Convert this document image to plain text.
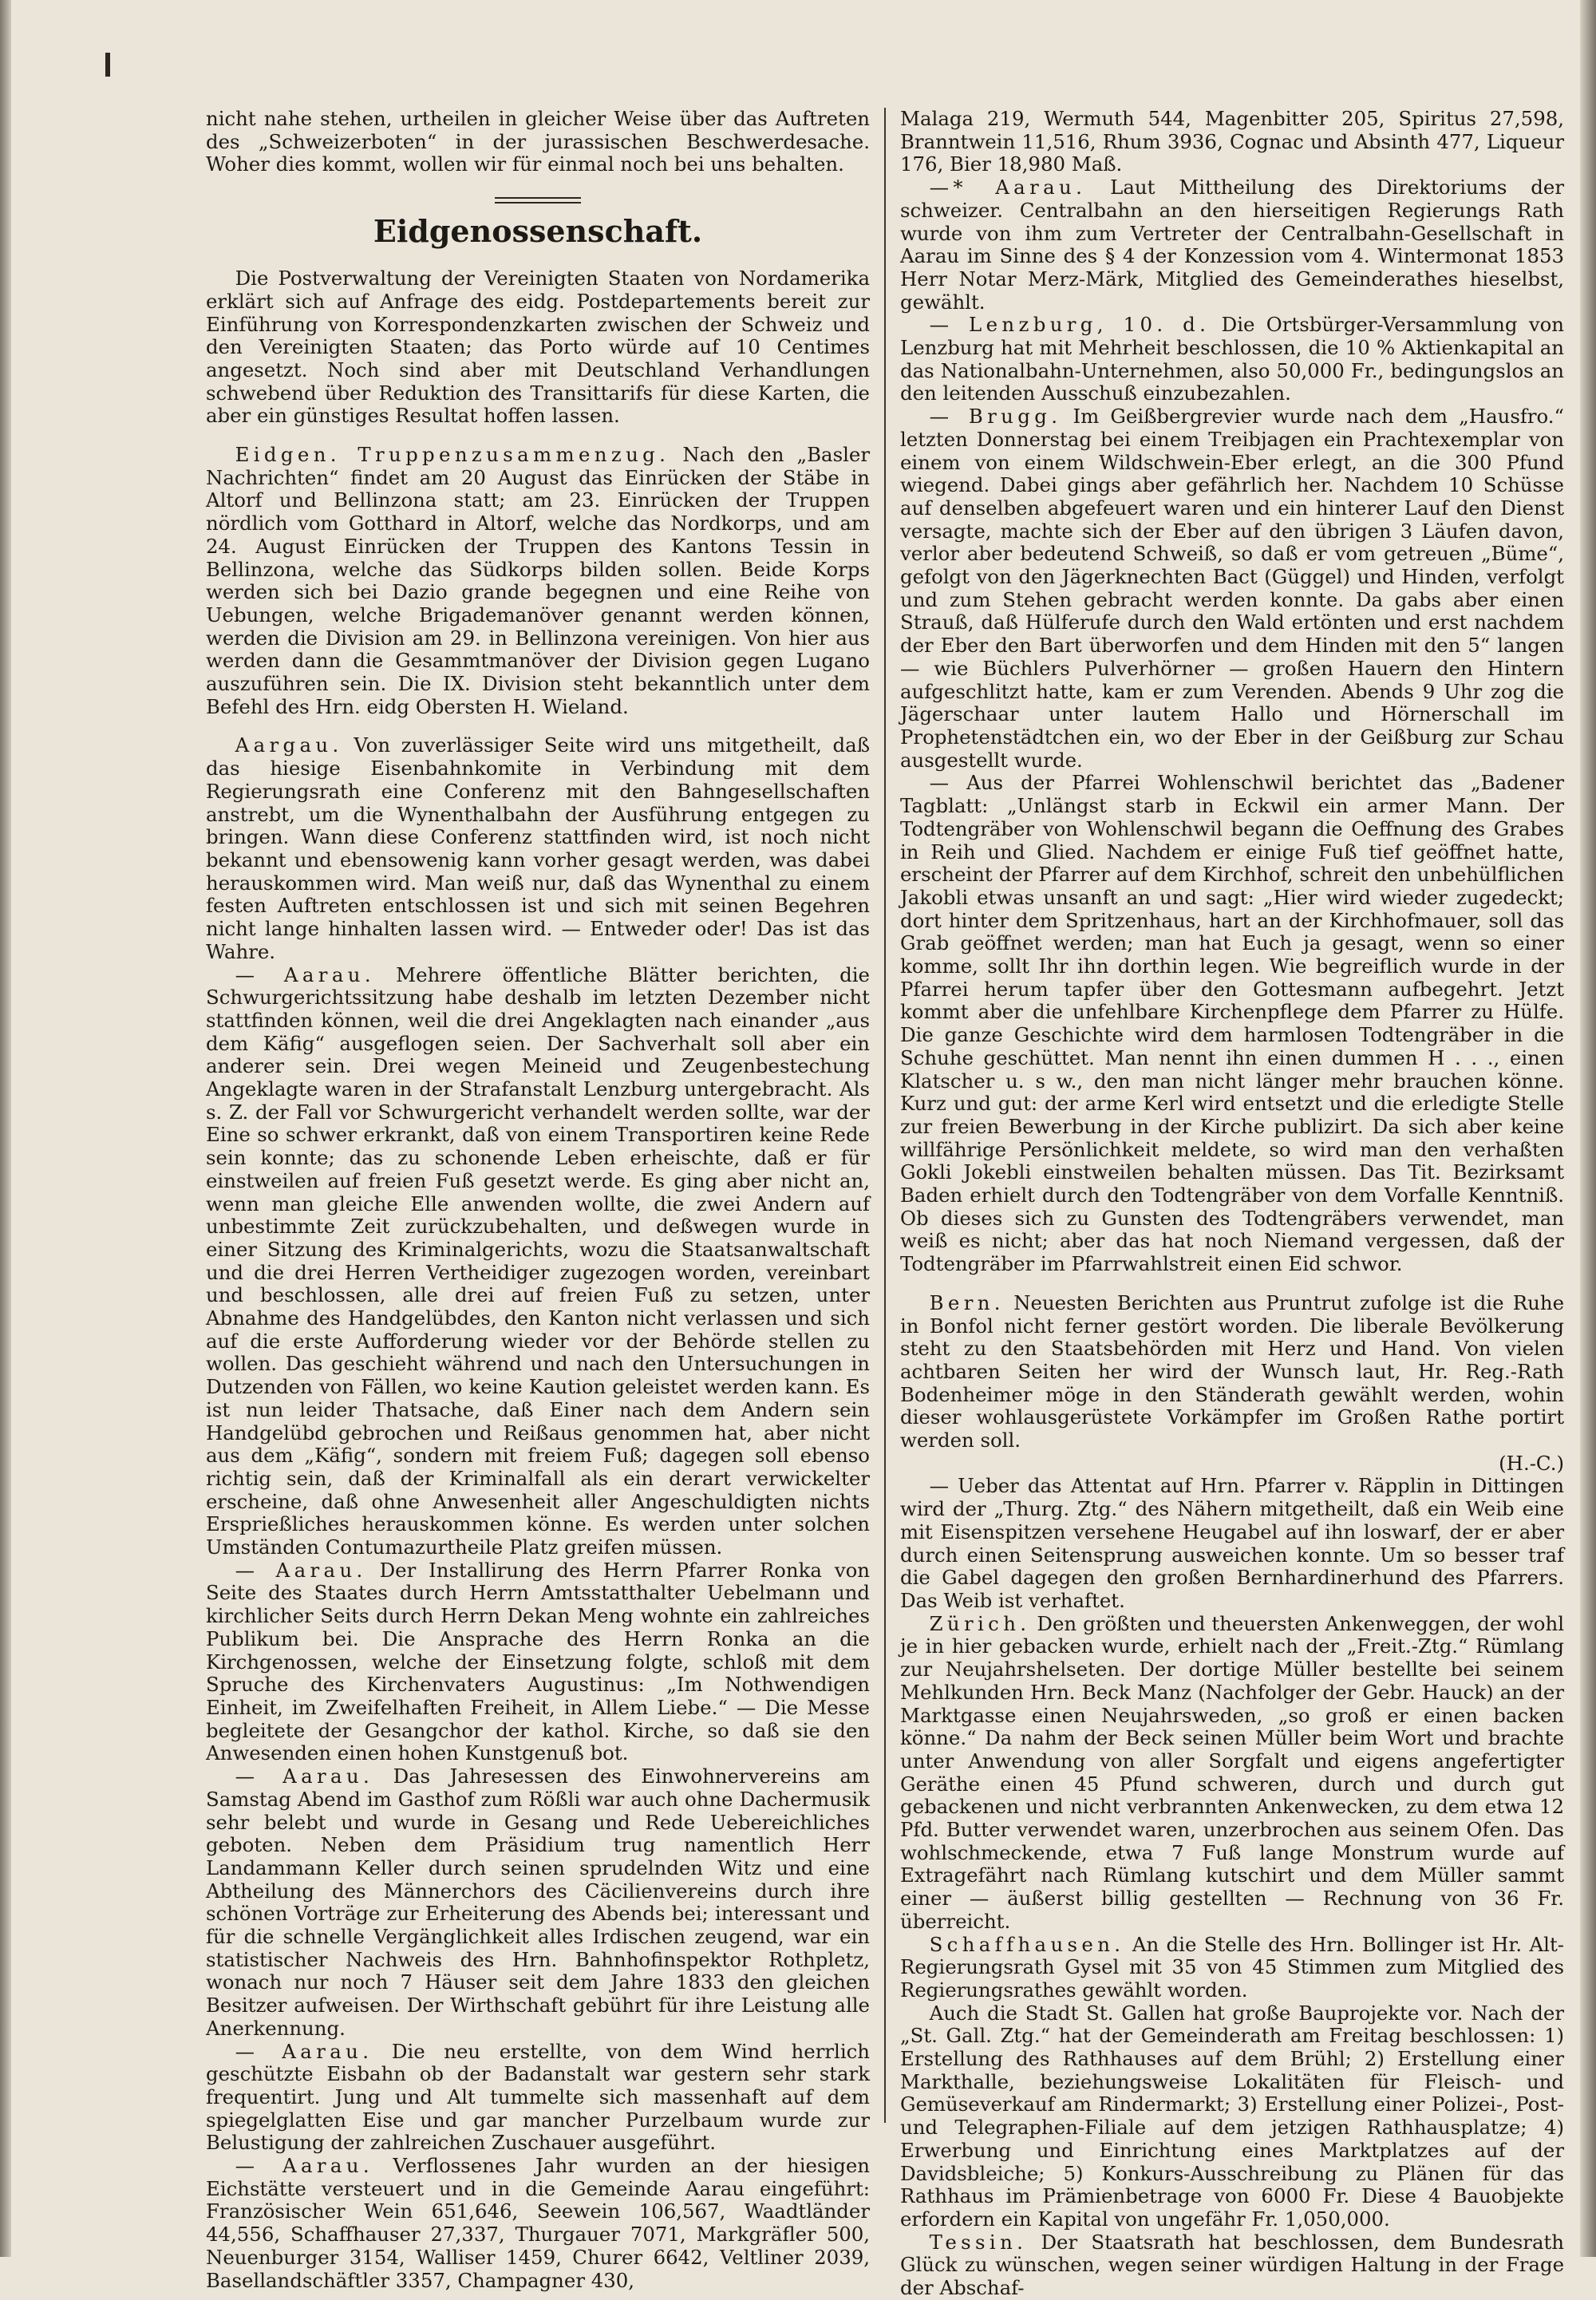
nicht nahe stehen, urtheilen in gleicher Weise über das Auftreten des „Schweizerboten“ in der jurassischen Beschwerdesache. Woher dies kommt, wollen wir für einmal noch bei uns behalten.

Eidgenossenschaft.

Die Postverwaltung der Vereinigten Staaten von Nordamerika erklärt sich auf Anfrage des eidg. Postdepartements bereit zur Einführung von Korrespondenzkarten zwischen der Schweiz und den Vereinigten Staaten; das Porto würde auf 10 Centimes angesetzt. Noch sind aber mit Deutschland Verhandlungen schwebend über Reduktion des Transittarifs für diese Karten, die aber ein günstiges Resultat hoffen lassen.

Eidgen. Truppenzusammenzug. Nach den „Basler Nachrichten“ findet am 20 August das Einrücken der Stäbe in Altorf und Bellinzona statt; am 23. Einrücken der Truppen nördlich vom Gotthard in Altorf, welche das Nordkorps, und am 24. August Einrücken der Truppen des Kantons Tessin in Bellinzona, welche das Südkorps bilden sollen. Beide Korps werden sich bei Dazio grande begegnen und eine Reihe von Uebungen, welche Brigademanöver genannt werden können, werden die Division am 29. in Bellinzona vereinigen. Von hier aus werden dann die Gesammtmanöver der Division gegen Lugano auszuführen sein. Die IX. Division steht bekanntlich unter dem Befehl des Hrn. eidg Obersten H. Wieland.

Aargau. Von zuverlässiger Seite wird uns mitgetheilt, daß das hiesige Eisenbahnkomite in Verbindung mit dem Regierungsrath eine Conferenz mit den Bahngesellschaften anstrebt, um die Wynenthalbahn der Ausführung entgegen zu bringen. Wann diese Conferenz stattfinden wird, ist noch nicht bekannt und ebensowenig kann vorher gesagt werden, was dabei herauskommen wird. Man weiß nur, daß das Wynenthal zu einem festen Auftreten entschlossen ist und sich mit seinen Begehren nicht lange hinhalten lassen wird. — Entweder oder! Das ist das Wahre.

— Aarau. Mehrere öffentliche Blätter berichten, die Schwurgerichtssitzung habe deshalb im letzten Dezember nicht stattfinden können, weil die drei Angeklagten nach einander „aus dem Käfig“ ausgeflogen seien. Der Sachverhalt soll aber ein anderer sein. Drei wegen Meineid und Zeugenbestechung Angeklagte waren in der Strafanstalt Lenzburg untergebracht. Als s. Z. der Fall vor Schwurgericht verhandelt werden sollte, war der Eine so schwer erkrankt, daß von einem Transportiren keine Rede sein konnte; das zu schonende Leben erheischte, daß er für einstweilen auf freien Fuß gesetzt werde. Es ging aber nicht an, wenn man gleiche Elle anwenden wollte, die zwei Andern auf unbestimmte Zeit zurückzubehalten, und deßwegen wurde in einer Sitzung des Kriminalgerichts, wozu die Staatsanwaltschaft und die drei Herren Vertheidiger zugezogen worden, vereinbart und beschlossen, alle drei auf freien Fuß zu setzen, unter Abnahme des Handgelübdes, den Kanton nicht verlassen und sich auf die erste Aufforderung wieder vor der Behörde stellen zu wollen. Das geschieht während und nach den Untersuchungen in Dutzenden von Fällen, wo keine Kaution geleistet werden kann. Es ist nun leider Thatsache, daß Einer nach dem Andern sein Handgelübd gebrochen und Reißaus genommen hat, aber nicht aus dem „Käfig“, sondern mit freiem Fuß; dagegen soll ebenso richtig sein, daß der Kriminalfall als ein derart verwickelter erscheine, daß ohne Anwesenheit aller Angeschuldigten nichts Ersprießliches herauskommen könne. Es werden unter solchen Umständen Contumazurtheile Platz greifen müssen.

— Aarau. Der Installirung des Herrn Pfarrer Ronka von Seite des Staates durch Herrn Amtsstatthalter Uebelmann und kirchlicher Seits durch Herrn Dekan Meng wohnte ein zahlreiches Publikum bei. Die Ansprache des Herrn Ronka an die Kirchgenossen, welche der Einsetzung folgte, schloß mit dem Spruche des Kirchenvaters Augustinus: „Im Nothwendigen Einheit, im Zweifelhaften Freiheit, in Allem Liebe.“ — Die Messe begleitete der Gesangchor der kathol. Kirche, so daß sie den Anwesenden einen hohen Kunstgenuß bot.

— Aarau. Das Jahresessen des Einwohnervereins am Samstag Abend im Gasthof zum Rößli war auch ohne Dachermusik sehr belebt und wurde in Gesang und Rede Uebereichliches geboten. Neben dem Präsidium trug namentlich Herr Landammann Keller durch seinen sprudelnden Witz und eine Abtheilung des Männerchors des Cäcilienvereins durch ihre schönen Vorträge zur Erheiterung des Abends bei; interessant und für die schnelle Vergänglichkeit alles Irdischen zeugend, war ein statistischer Nachweis des Hrn. Bahnhofinspektor Rothpletz, wonach nur noch 7 Häuser seit dem Jahre 1833 den gleichen Besitzer aufweisen. Der Wirthschaft gebührt für ihre Leistung alle Anerkennung.

— Aarau. Die neu erstellte, von dem Wind herrlich geschützte Eisbahn ob der Badanstalt war gestern sehr stark frequentirt. Jung und Alt tummelte sich massenhaft auf dem spiegelglatten Eise und gar mancher Purzelbaum wurde zur Belustigung der zahlreichen Zuschauer ausgeführt.

— Aarau. Verflossenes Jahr wurden an der hiesigen Eichstätte versteuert und in die Gemeinde Aarau eingeführt: Französischer Wein 651,646, Seewein 106,567, Waadtländer 44,556, Schaffhauser 27,337, Thurgauer 7071, Markgräfler 500, Neuenburger 3154, Walliser 1459, Churer 6642, Veltliner 2039, Basellandschäftler 3357, Champagner 430,

Malaga 219, Wermuth 544, Magenbitter 205, Spiritus 27,598, Branntwein 11,516, Rhum 3936, Cognac und Absinth 477, Liqueur 176, Bier 18,980 Maß.

—* Aarau. Laut Mittheilung des Direktoriums der schweizer. Centralbahn an den hierseitigen Regierungs Rath wurde von ihm zum Vertreter der Centralbahn-Gesellschaft in Aarau im Sinne des § 4 der Konzession vom 4. Wintermonat 1853 Herr Notar Merz-Märk, Mitglied des Gemeinderathes hieselbst, gewählt.

— Lenzburg, 10. d. Die Ortsbürger-Versammlung von Lenzburg hat mit Mehrheit beschlossen, die 10 % Aktienkapital an das Nationalbahn-Unternehmen, also 50,000 Fr., bedingungslos an den leitenden Ausschuß einzubezahlen.

— Brugg. Im Geißbergrevier wurde nach dem „Hausfro.“ letzten Donnerstag bei einem Treibjagen ein Prachtexemplar von einem von einem Wildschwein-Eber erlegt, an die 300 Pfund wiegend. Dabei gings aber gefährlich her. Nachdem 10 Schüsse auf denselben abgefeuert waren und ein hinterer Lauf den Dienst versagte, machte sich der Eber auf den übrigen 3 Läufen davon, verlor aber bedeutend Schweiß, so daß er vom getreuen „Büme“, gefolgt von den Jägerknechten Bact (Güggel) und Hinden, verfolgt und zum Stehen gebracht werden konnte. Da gabs aber einen Strauß, daß Hülferufe durch den Wald ertönten und erst nachdem der Eber den Bart überworfen und dem Hinden mit den 5“ langen — wie Büchlers Pulverhörner — großen Hauern den Hintern aufgeschlitzt hatte, kam er zum Verenden. Abends 9 Uhr zog die Jägerschaar unter lautem Hallo und Hörnerschall im Prophetenstädtchen ein, wo der Eber in der Geißburg zur Schau ausgestellt wurde.

— Aus der Pfarrei Wohlenschwil berichtet das „Badener Tagblatt: „Unlängst starb in Eckwil ein armer Mann. Der Todtengräber von Wohlenschwil begann die Oeffnung des Grabes in Reih und Glied. Nachdem er einige Fuß tief geöffnet hatte, erscheint der Pfarrer auf dem Kirchhof, schreit den unbehülflichen Jakobli etwas unsanft an und sagt: „Hier wird wieder zugedeckt; dort hinter dem Spritzenhaus, hart an der Kirchhofmauer, soll das Grab geöffnet werden; man hat Euch ja gesagt, wenn so einer komme, sollt Ihr ihn dorthin legen. Wie begreiflich wurde in der Pfarrei herum tapfer über den Gottesmann aufbegehrt. Jetzt kommt aber die unfehlbare Kirchenpflege dem Pfarrer zu Hülfe. Die ganze Geschichte wird dem harmlosen Todtengräber in die Schuhe geschüttet. Man nennt ihn einen dummen H . . ., einen Klatscher u. s w., den man nicht länger mehr brauchen könne. Kurz und gut: der arme Kerl wird entsetzt und die erledigte Stelle zur freien Bewerbung in der Kirche publizirt. Da sich aber keine willfährige Persönlichkeit meldete, so wird man den verhaßten Gokli Jokebli einstweilen behalten müssen. Das Tit. Bezirksamt Baden erhielt durch den Todtengräber von dem Vorfalle Kenntniß. Ob dieses sich zu Gunsten des Todtengräbers verwendet, man weiß es nicht; aber das hat noch Niemand vergessen, daß der Todtengräber im Pfarrwahlstreit einen Eid schwor.

Bern. Neuesten Berichten aus Pruntrut zufolge ist die Ruhe in Bonfol nicht ferner gestört worden. Die liberale Bevölkerung steht zu den Staatsbehörden mit Herz und Hand. Von vielen achtbaren Seiten her wird der Wunsch laut, Hr. Reg.-Rath Bodenheimer möge in den Ständerath gewählt werden, wohin dieser wohlausgerüstete Vorkämpfer im Großen Rathe portirt werden soll.
(H.-C.)

— Ueber das Attentat auf Hrn. Pfarrer v. Räpplin in Dittingen wird der „Thurg. Ztg.“ des Nähern mitgetheilt, daß ein Weib eine mit Eisenspitzen versehene Heugabel auf ihn loswarf, der er aber durch einen Seitensprung ausweichen konnte. Um so besser traf die Gabel dagegen den großen Bernhardinerhund des Pfarrers. Das Weib ist verhaftet.

Zürich. Den größten und theuersten Ankenweggen, der wohl je in hier gebacken wurde, erhielt nach der „Freit.-Ztg.“ Rümlang zur Neujahrshelseten. Der dortige Müller bestellte bei seinem Mehlkunden Hrn. Beck Manz (Nachfolger der Gebr. Hauck) an der Marktgasse einen Neujahrsweden, „so groß er einen backen könne.“ Da nahm der Beck seinen Müller beim Wort und brachte unter Anwendung von aller Sorgfalt und eigens angefertigter Geräthe einen 45 Pfund schweren, durch und durch gut gebackenen und nicht verbrannten Ankenwecken, zu dem etwa 12 Pfd. Butter verwendet waren, unzerbrochen aus seinem Ofen. Das wohlschmeckende, etwa 7 Fuß lange Monstrum wurde auf Extragefährt nach Rümlang kutschirt und dem Müller sammt einer — äußerst billig gestellten — Rechnung von 36 Fr. überreicht.

Schaffhausen. An die Stelle des Hrn. Bollinger ist Hr. Alt-Regierungsrath Gysel mit 35 von 45 Stimmen zum Mitglied des Regierungsrathes gewählt worden.

Auch die Stadt St. Gallen hat große Bauprojekte vor. Nach der „St. Gall. Ztg.“ hat der Gemeinderath am Freitag beschlossen: 1) Erstellung des Rathhauses auf dem Brühl; 2) Erstellung einer Markthalle, beziehungsweise Lokalitäten für Fleisch- und Gemüseverkauf am Rindermarkt; 3) Erstellung einer Polizei-, Post- und Telegraphen-Filiale auf dem jetzigen Rathhausplatze; 4) Erwerbung und Einrichtung eines Marktplatzes auf der Davidsbleiche; 5) Konkurs-Ausschreibung zu Plänen für das Rathhaus im Prämienbetrage von 6000 Fr. Diese 4 Bauobjekte erfordern ein Kapital von ungefähr Fr. 1,050,000.

Tessin. Der Staatsrath hat beschlossen, dem Bundesrath Glück zu wünschen, wegen seiner würdigen Haltung in der Frage der Abschaf-
